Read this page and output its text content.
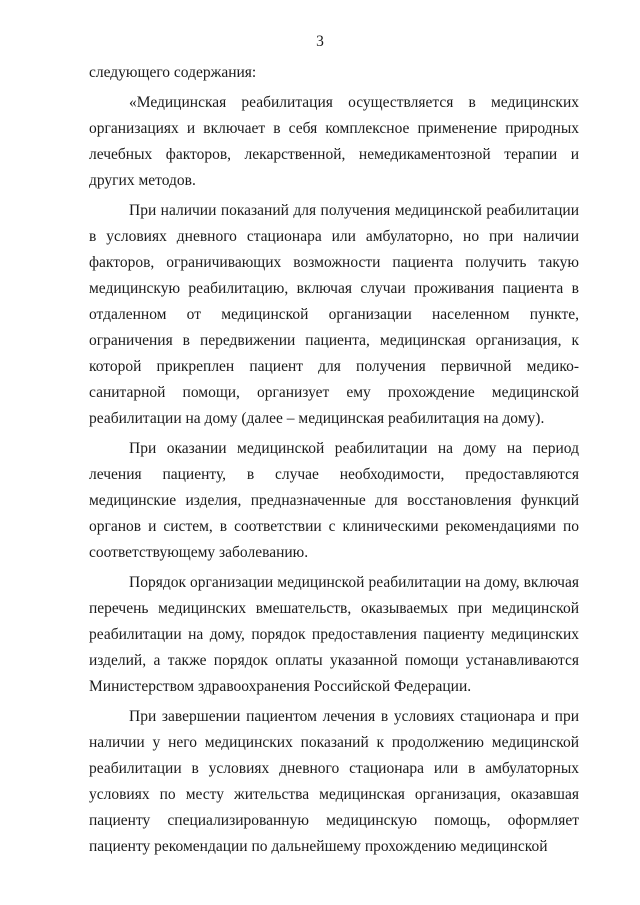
3

следующего содержания:

«Медицинская реабилитация осуществляется в медицинских организациях и включает в себя комплексное применение природных лечебных факторов, лекарственной, немедикаментозной терапии и других методов.

При наличии показаний для получения медицинской реабилитации в условиях дневного стационара или амбулаторно, но при наличии факторов, ограничивающих возможности пациента получить такую медицинскую реабилитацию, включая случаи проживания пациента в отдаленном от медицинской организации населенном пункте, ограничения в передвижении пациента, медицинская организация, к которой прикреплен пациент для получения первичной медико-санитарной помощи, организует ему прохождение медицинской реабилитации на дому (далее – медицинская реабилитация на дому).

При оказании медицинской реабилитации на дому на период лечения пациенту, в случае необходимости, предоставляются медицинские изделия, предназначенные для восстановления функций органов и систем, в соответствии с клиническими рекомендациями по соответствующему заболеванию.

Порядок организации медицинской реабилитации на дому, включая перечень медицинских вмешательств, оказываемых при медицинской реабилитации на дому, порядок предоставления пациенту медицинских изделий, а также порядок оплаты указанной помощи устанавливаются Министерством здравоохранения Российской Федерации.

При завершении пациентом лечения в условиях стационара и при наличии у него медицинских показаний к продолжению медицинской реабилитации в условиях дневного стационара или в амбулаторных условиях по месту жительства медицинская организация, оказавшая пациенту специализированную медицинскую помощь, оформляет пациенту рекомендации по дальнейшему прохождению медицинской
